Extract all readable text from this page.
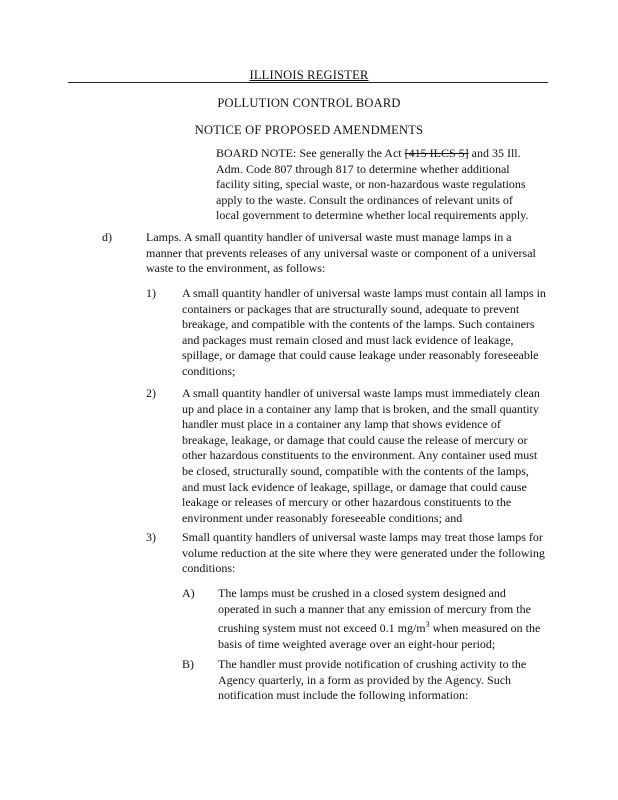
ILLINOIS REGISTER
POLLUTION CONTROL BOARD
NOTICE OF PROPOSED AMENDMENTS

BOARD NOTE: See generally the Act [415 ILCS 5] and 35 Ill. Adm. Code 807 through 817 to determine whether additional facility siting, special waste, or non-hazardous waste regulations apply to the waste. Consult the ordinances of relevant units of local government to determine whether local requirements apply.

d)	Lamps. A small quantity handler of universal waste must manage lamps in a manner that prevents releases of any universal waste or component of a universal waste to the environment, as follows:

1) A small quantity handler of universal waste lamps must contain all lamps in containers or packages that are structurally sound, adequate to prevent breakage, and compatible with the contents of the lamps. Such containers and packages must remain closed and must lack evidence of leakage, spillage, or damage that could cause leakage under reasonably foreseeable conditions;

2) A small quantity handler of universal waste lamps must immediately clean up and place in a container any lamp that is broken, and the small quantity handler must place in a container any lamp that shows evidence of breakage, leakage, or damage that could cause the release of mercury or other hazardous constituents to the environment. Any container used must be closed, structurally sound, compatible with the contents of the lamps, and must lack evidence of leakage, spillage, or damage that could cause leakage or releases of mercury or other hazardous constituents to the environment under reasonably foreseeable conditions; and

3) Small quantity handlers of universal waste lamps may treat those lamps for volume reduction at the site where they were generated under the following conditions:

A) The lamps must be crushed in a closed system designed and operated in such a manner that any emission of mercury from the crushing system must not exceed 0.1 $mg/m^3$ when measured on the basis of time weighted average over an eight-hour period;

B) The handler must provide notification of crushing activity to the Agency quarterly, in a form as provided by the Agency. Such notification must include the following information:
